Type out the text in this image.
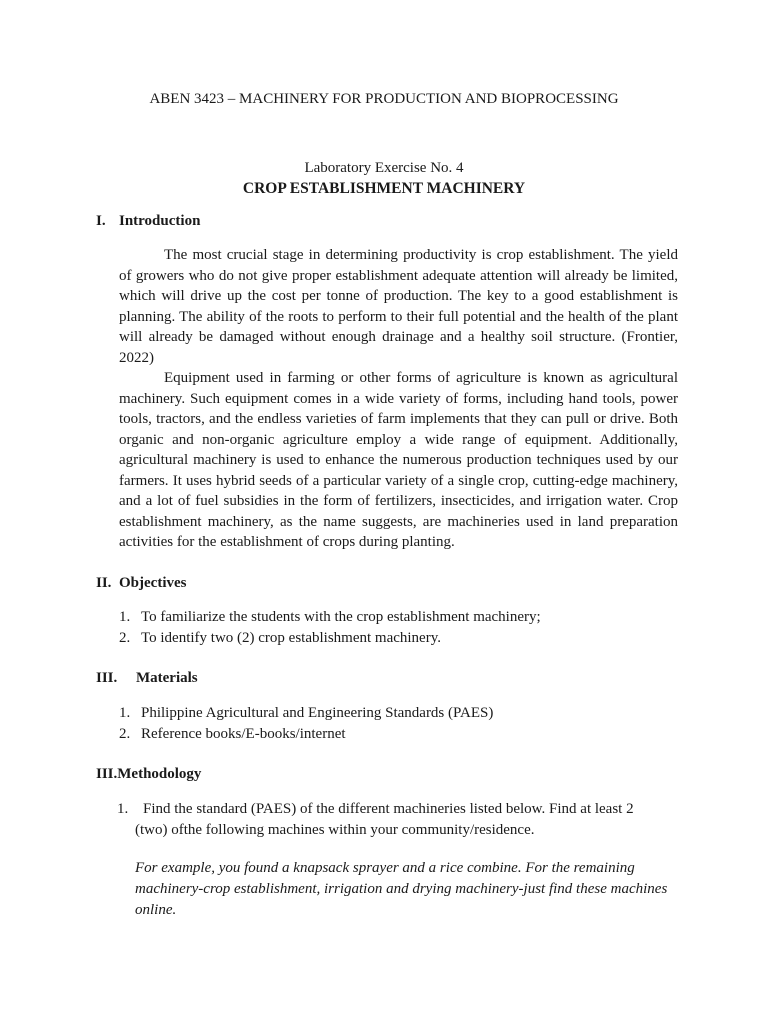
ABEN 3423 – MACHINERY FOR PRODUCTION AND BIOPROCESSING
Laboratory Exercise No. 4
CROP ESTABLISHMENT MACHINERY
I. Introduction

The most crucial stage in determining productivity is crop establishment. The yield of growers who do not give proper establishment adequate attention will already be limited, which will drive up the cost per tonne of production. The key to a good establishment is planning. The ability of the roots to perform to their full potential and the health of the plant will already be damaged without enough drainage and a healthy soil structure. (Frontier, 2022)

Equipment used in farming or other forms of agriculture is known as agricultural machinery. Such equipment comes in a wide variety of forms, including hand tools, power tools, tractors, and the endless varieties of farm implements that they can pull or drive. Both organic and non-organic agriculture employ a wide range of equipment. Additionally, agricultural machinery is used to enhance the numerous production techniques used by our farmers. It uses hybrid seeds of a particular variety of a single crop, cutting-edge machinery, and a lot of fuel subsidies in the form of fertilizers, insecticides, and irrigation water. Crop establishment machinery, as the name suggests, are machineries used in land preparation activities for the establishment of crops during planting.

II. Objectives
1. To familiarize the students with the crop establishment machinery;
2. To identify two (2) crop establishment machinery.
III. Materials
1. Philippine Agricultural and Engineering Standards (PAES)
2. Reference books/E-books/internet
III.Methodology
1. Find the standard (PAES) of the different machineries listed below. Find at least 2
(two) ofthe following machines within your community/residence.

For example, you found a knapsack sprayer and a rice combine. For the remaining machinery-crop establishment, irrigation and drying machinery-just find these machines online.
